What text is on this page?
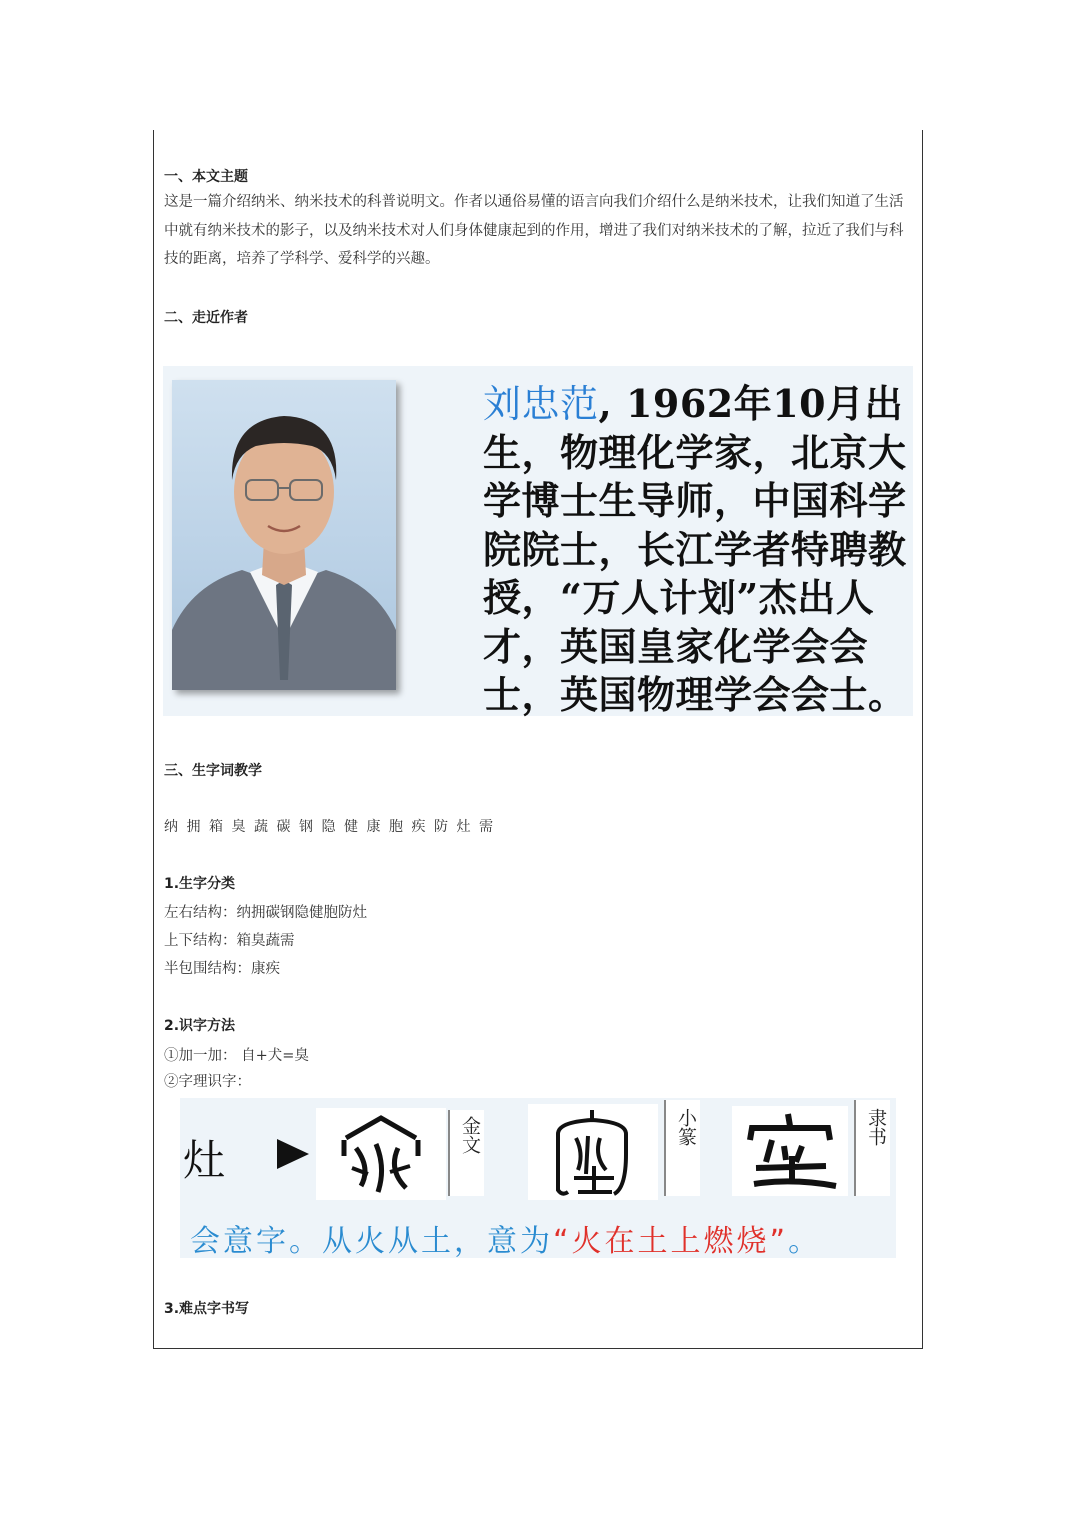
一、本文主题
这是一篇介绍纳米、纳米技术的科普说明文。作者以通俗易懂的语言向我们介绍什么是纳米技术，让我们知道了生活中就有纳米技术的影子，以及纳米技术对人们身体健康起到的作用，增进了我们对纳米技术的了解，拉近了我们与科技的距离，培养了学科学、爱科学的兴趣。
二、走近作者
刘忠范, 1962年10月出生，物理化学家，北京大学博士生导师，中国科学院院士，长江学者特聘教授，“万人计划”杰出人才，英国皇家化学会会士，英国物理学会会士。
三、生字词教学
纳拥箱臭蔬碳钢隐健康胞疾防灶需
1.生字分类
左右结构：纳拥碳钢隐健胞防灶
上下结构：箱臭蔬需
半包围结构：康疾
2.识字方法
①加一加： 自+犬=臭
②字理识字：
灶
金文	小篆	隶书
会意字。从火从土，意为“火在土上燃烧”。
3.难点字书写
